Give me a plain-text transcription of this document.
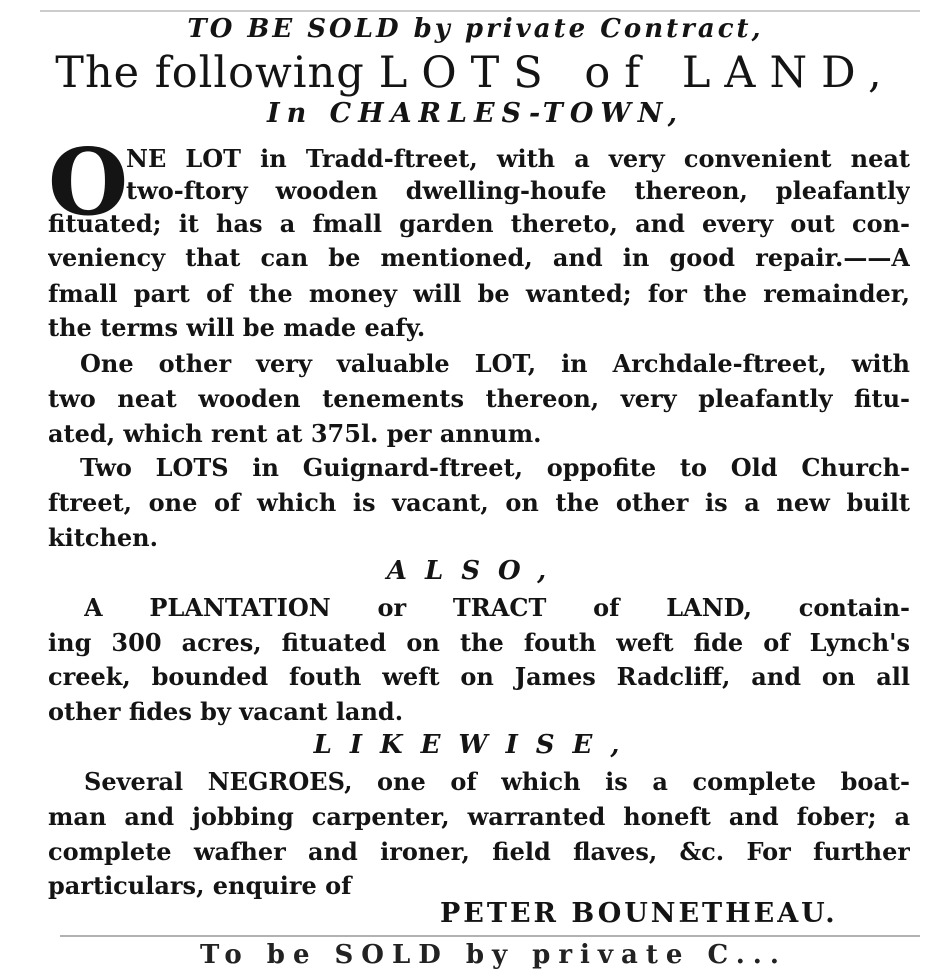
TO BE SOLD by private Contract,
The following LOTS of LAND,
In CHARLES-TOWN,
O
NE LOT in Tradd-ftreet, with a very convenient neat
two-ftory wooden dwelling-houfe thereon, pleafantly
fituated; it has a fmall garden thereto, and every out con-
veniency that can be mentioned, and in good repair.——A
fmall part of the money will be wanted; for the remainder,
the terms will be made eafy.
One other very valuable LOT, in Archdale-ftreet, with
two neat wooden tenements thereon, very pleafantly fitu-
ated, which rent at 375l. per annum.
Two LOTS in Guignard-ftreet, oppofite to Old Church-
ftreet, one of which is vacant, on the other is a new built
kitchen.
ALSO,
A PLANTATION or TRACT of LAND, contain-
ing 300 acres, fituated on the fouth weft fide of Lynch's
creek, bounded fouth weft on James Radcliff, and on all
other fides by vacant land.
LIKEWISE,
Several NEGROES, one of which is a complete boat-
man and jobbing carpenter, warranted honeft and fober; a
complete wafher and ironer, field flaves, &c. For further
particulars, enquire of
PETER BOUNETHEAU.
To be SOLD by private C...
